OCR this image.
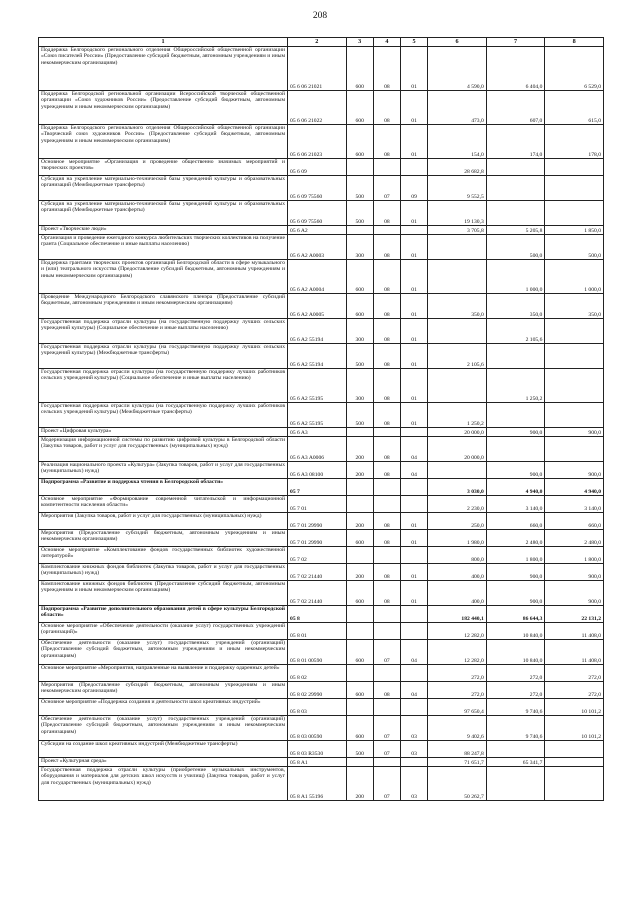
208
1	2	3	4	5	6	7	8
Поддержка Белгородского регионального отделения Общероссийской общественной организации «Союз писателей России» (Предоставление субсидий бюджетным, автономным учреждениям и иным некоммерческим организациям)	05 6 06 21021	600	08	01	4 590,0	6 404,0	6 529,0
Поддержка Белгородской региональной организации Всероссийской творческой общественной организации «Союз художников России» (Предоставление субсидий бюджетным, автономным учреждениям и иным некоммерческим организациям)	05 6 06 21022	600	08	01	473,0	607,0	615,0
Поддержка Белгородского регионального отделения Общероссийской общественной организации «Творческий союз художников России» (Предоставление субсидий бюджетным, автономным учреждениям и иным некоммерческим организациям)	05 6 06 21023	600	08	01	154,0	174,0	178,0
Основное мероприятие «Организация и проведение общественно значимых мероприятий и творческих проектов»	05 6 09				28 682,8		
Субсидия на укрепление материально-технической базы учреждений культуры и образовательных организаций (Межбюджетные трансферты)	05 6 09 75560	500	07	09	9 552,5		
Субсидия на укрепление материально-технической базы учреждений культуры и образовательных организаций (Межбюджетные трансферты)	05 6 09 75560	500	08	01	19 130,3		
Проект «Творческие люди»	05 6 A2				3 705,8	5 205,8	1 850,0
Организация и проведение ежегодного конкурса любительских творческих коллективов на получение гранта (Социальное обеспечение и иные выплаты населению)	05 6 A2 A0003	300	08	01		500,0	500,0
Поддержка грантами творческих проектов организаций Белгородской области в сфере музыкального и (или) театрального искусства (Предоставление субсидий бюджетным, автономным учреждениям и иным некоммерческим организациям)	05 6 A2 A0004	600	08	01		1 000,0	1 000,0
Проведение Международного Белгородского славянского пленэра (Предоставление субсидий бюджетным, автономным учреждениям и иным некоммерческим организациям)	05 6 A2 A0005	600	08	01	350,0	350,0	350,0
Государственная поддержка отрасли культуры (на государственную поддержку лучших сельских учреждений культуры) (Социальное обеспечение и иные выплаты населению)	05 6 A2 55194	300	08	01		2 105,6	
Государственная поддержка отрасли культуры (на государственную поддержку лучших сельских учреждений культуры) (Межбюджетные трансферты)	05 6 A2 55194	500	08	01	2 105,6		
Государственная поддержка отрасли культуры (на государственную поддержку лучших работников сельских учреждений культуры) (Социальное обеспечение и иные выплаты населению)	05 6 A2 55195	300	08	01		1 250,2	
Государственная поддержка отрасли культуры (на государственную поддержку лучших работников сельских учреждений культуры) (Межбюджетные трансферты)	05 6 A2 55195	500	08	01	1 250,2		
Проект «Цифровая культура»	05 6 A3				20 000,0	900,0	900,0
Модернизация информационной системы по развитию цифровой культуры в Белгородской области (Закупка товаров, работ и услуг для государственных (муниципальных) нужд)	05 6 A3 A0006	200	08	04	20 000,0		
Реализация национального проекта «Культура» (Закупка товаров, работ и услуг для государственных (муниципальных) нужд)	05 6 A3 08100	200	08	04		900,0	900,0
Подпрограмма «Развитие и поддержка чтения в Белгородской области»	05 7				3 030,0	4 940,0	4 940,0
Основное мероприятие «Формирование современной читательской и информационной компетентности населения области»	05 7 01				2 230,0	3 140,0	3 140,0
Мероприятия (Закупка товаров, работ и услуг для государственных (муниципальных) нужд)	05 7 01 29990	200	08	01	250,0	660,0	660,0
Мероприятия (Предоставление субсидий бюджетным, автономным учреждениям и иным некоммерческим организациям)	05 7 01 29990	600	08	01	1 980,0	2 480,0	2 480,0
Основное мероприятие «Комплектование фондов государственных библиотек художественной литературой»	05 7 02				800,0	1 800,0	1 800,0
Комплектование книжных фондов библиотек (Закупка товаров, работ и услуг для государственных (муниципальных) нужд)	05 7 02 21440	200	08	01	400,0	900,0	900,0
Комплектование книжных фондов библиотек (Предоставление субсидий бюджетным, автономным учреждениям и иным некоммерческим организациям)	05 7 02 21440	600	08	01	400,0	900,0	900,0
Подпрограмма «Развитие дополнительного образования детей в сфере культуры Белгородской области»	05 8				182 440,1	86 644,3	22 131,2
Основное мероприятие «Обеспечение деятельности (оказание услуг) государственных учреждений (организаций)»	05 8 01				12 282,0	10 840,0	11 408,0
Обеспечение деятельности (оказание услуг) государственных учреждений (организаций) (Предоставление субсидий бюджетным, автономным учреждениям и иным некоммерческим организациям)	05 8 01 00590	600	07	04	12 282,0	10 840,0	11 408,0
Основное мероприятие «Мероприятия, направленные на выявление и поддержку одаренных детей»	05 8 02				272,0	272,0	272,0
Мероприятия (Предоставление субсидий бюджетным, автономным учреждениям и иным некоммерческим организациям)	05 8 02 29990	600	08	04	272,0	272,0	272,0
Основное мероприятие «Поддержка создания и деятельности школ креативных индустрий»	05 8 03				97 650,4	9 740,6	10 101,2
Обеспечение деятельности (оказание услуг) государственных учреждений (организаций) (Предоставление субсидий бюджетным, автономным учреждениям и иным некоммерческим организациям)	05 8 03 00590	600	07	03	9 402,6	9 740,6	10 101,2
Субсидии на создание школ креативных индустрий (Межбюджетные трансферты)	05 8 03 R3530	500	07	03	88 247,8		
Проект «Культурная среда»	05 8 A1				71 651,7	65 341,7	
Государственная поддержка отрасли культуры (приобретение музыкальных инструментов, оборудования и материалов для детских школ искусств и училищ) (Закупка товаров, работ и услуг для государственных (муниципальных) нужд)	05 8 A1 55196	200	07	03	50 262,7		
